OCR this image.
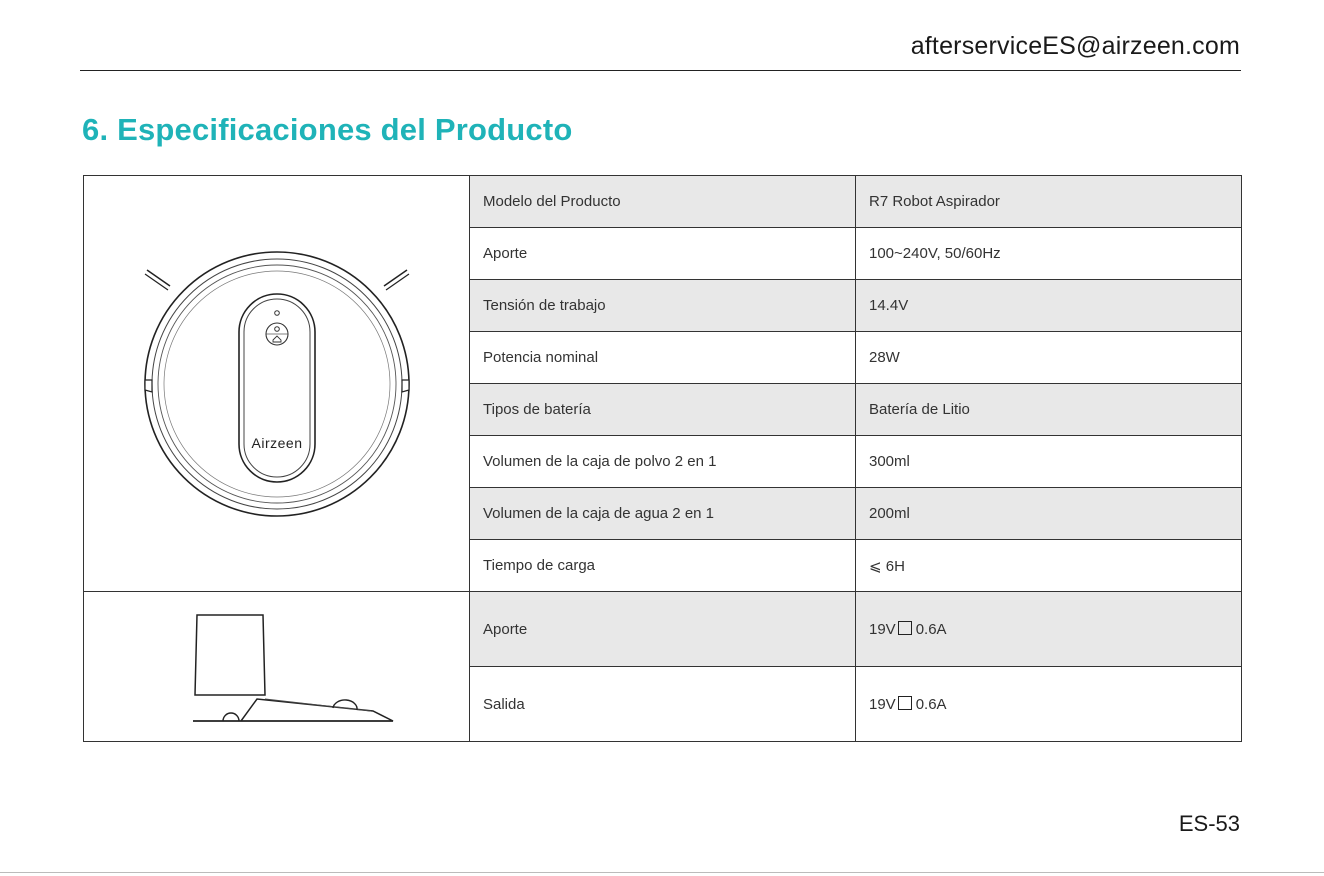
afterserviceES@airzeen.com
6. Especificaciones del Producto
Airzeen	Modelo del Producto	R7 Robot Aspirador
	Aporte	100~240V, 50/60Hz
	Tensión de trabajo	14.4V
	Potencia nominal	28W
	Tipos de batería	Batería de Litio
	Volumen de la caja de polvo 2 en 1	300ml
	Volumen de la caja de agua 2 en 1	200ml
	Tiempo de carga	⩽ 6H
	Aporte	19V 0.6A
	Salida	19V 0.6A
ES-53
